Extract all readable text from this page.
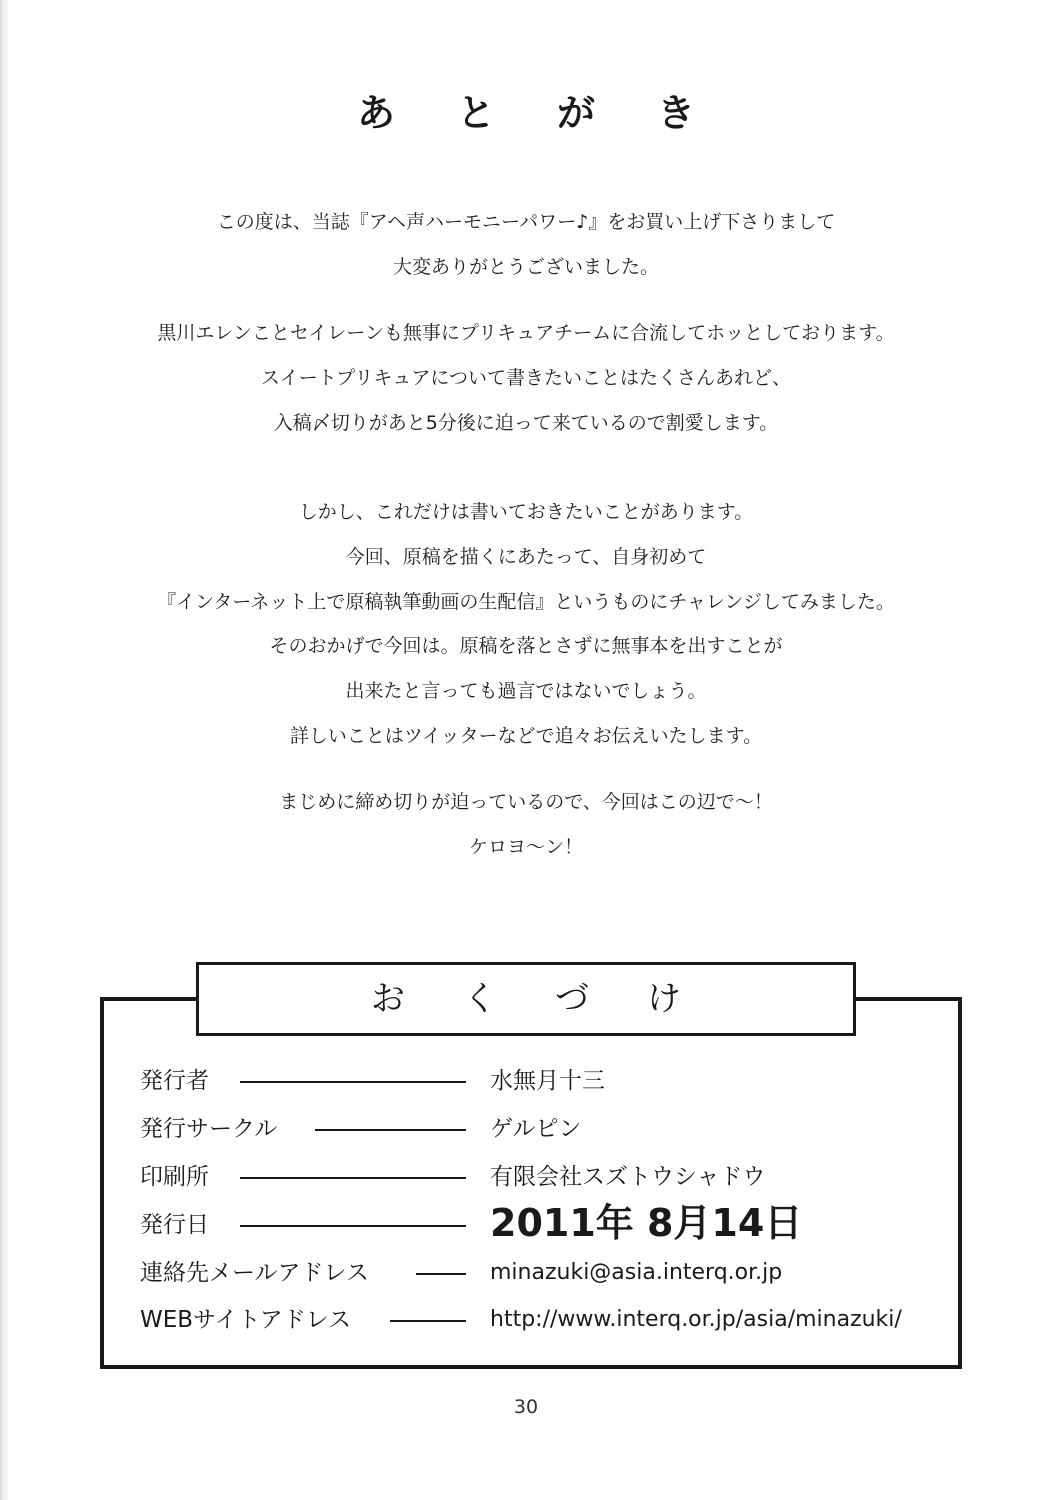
あとがき
この度は、当誌『アヘ声ハーモニーパワー♪』をお買い上げ下さりまして
大変ありがとうございました。
黒川エレンことセイレーンも無事にプリキュアチームに合流してホッとしております。
スイートプリキュアについて書きたいことはたくさんあれど、
入稿〆切りがあと5分後に迫って来ているので割愛します。
しかし、これだけは書いておきたいことがあります。
今回、原稿を描くにあたって、自身初めて
『インターネット上で原稿執筆動画の生配信』というものにチャレンジしてみました。
そのおかげで今回は。原稿を落とさずに無事本を出すことが
出来たと言っても過言ではないでしょう。
詳しいことはツイッターなどで追々お伝えいたします。
まじめに締め切りが迫っているので、今回はこの辺で～！
ケロヨ～ン！
おくづけ
発行者	水無月十三
発行サークル	ゲルピン
印刷所	有限会社スズトウシャドウ
発行日	2011年 8月14日
連絡先メールアドレス	minazuki@asia.interq.or.jp
WEBサイトアドレス	http://www.interq.or.jp/asia/minazuki/
30
